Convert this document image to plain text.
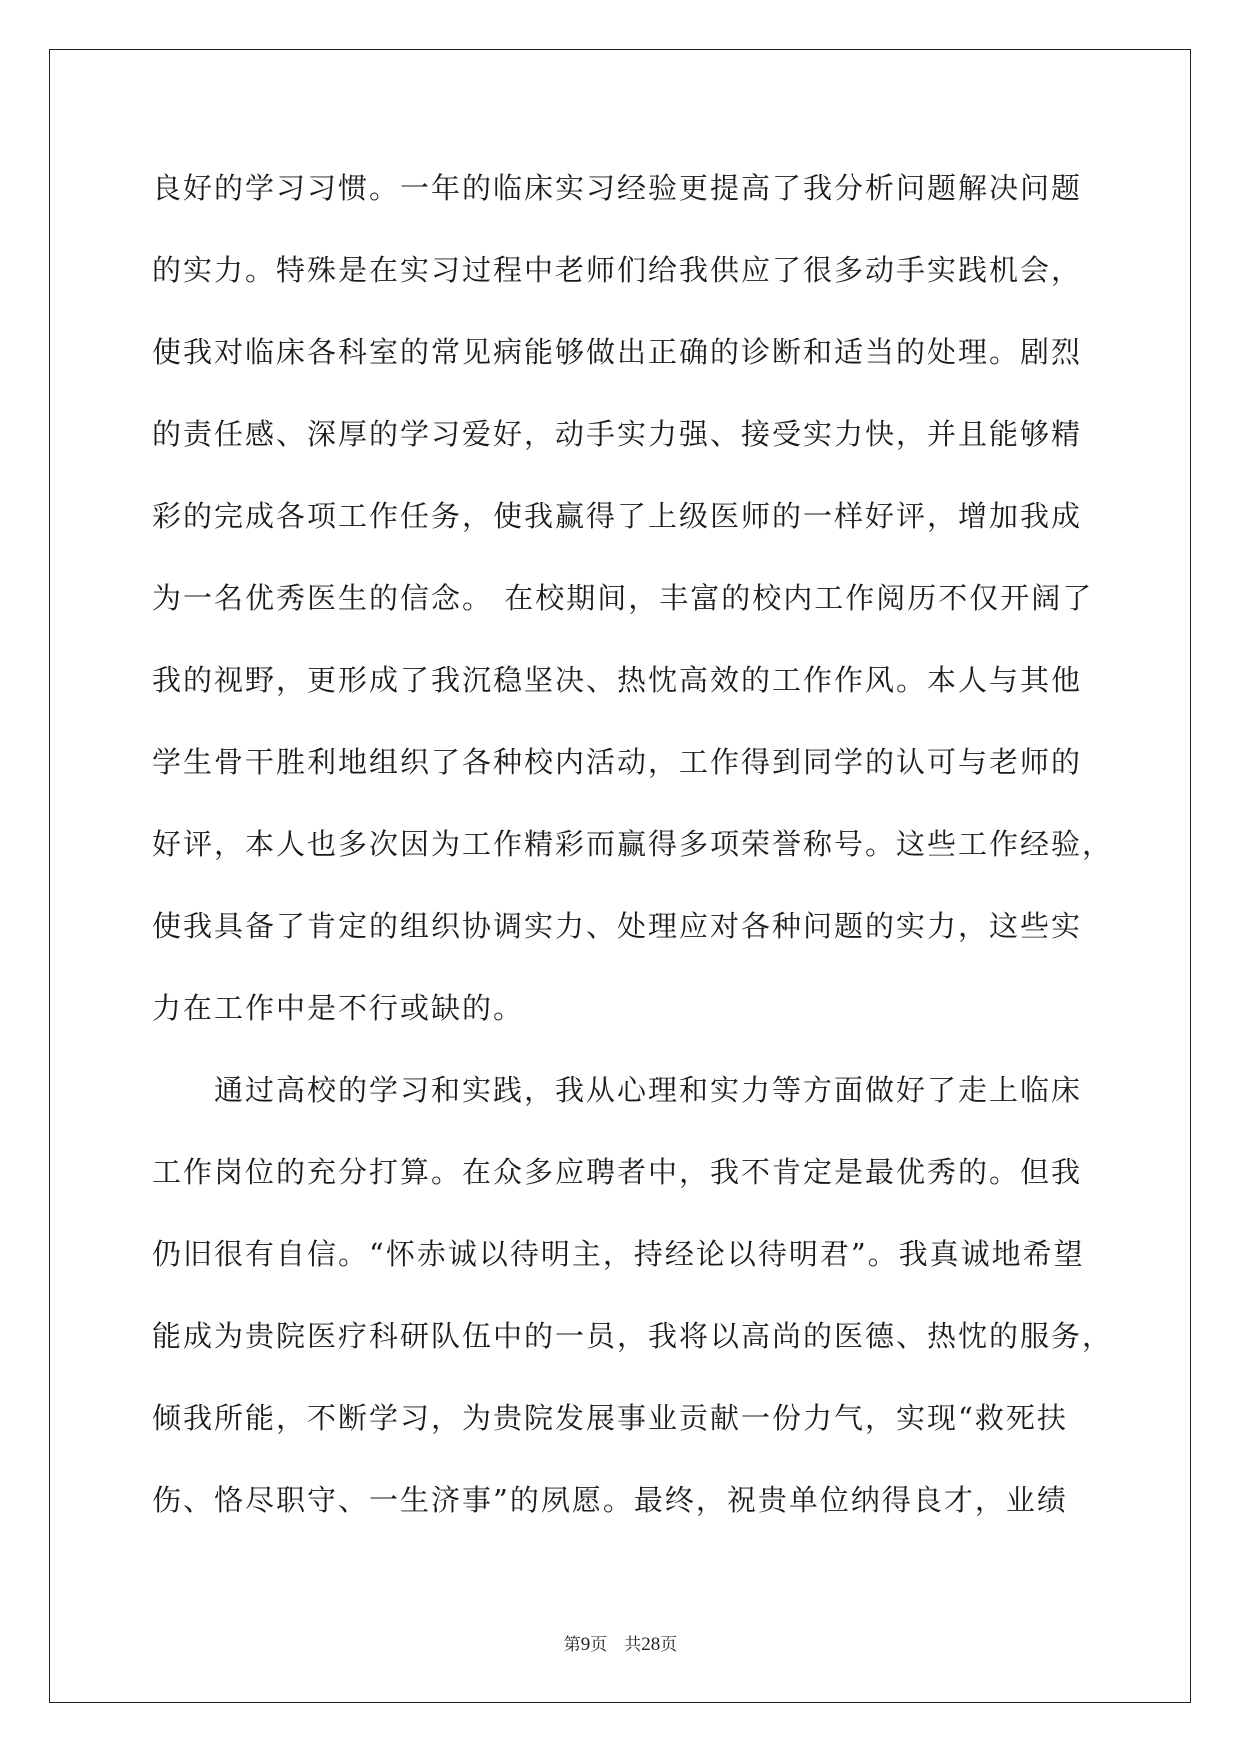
良好的学习习惯。一年的临床实习经验更提高了我分析问题解决问题
的实力。特殊是在实习过程中老师们给我供应了很多动手实践机会，
使我对临床各科室的常见病能够做出正确的诊断和适当的处理。剧烈
的责任感、深厚的学习爱好，动手实力强、接受实力快，并且能够精
彩的完成各项工作任务，使我赢得了上级医师的一样好评，增加我成
为一名优秀医生的信念。 在校期间，丰富的校内工作阅历不仅开阔了
我的视野，更形成了我沉稳坚决、热忱高效的工作作风。本人与其他
学生骨干胜利地组织了各种校内活动，工作得到同学的认可与老师的
好评，本人也多次因为工作精彩而赢得多项荣誉称号。这些工作经验，
使我具备了肯定的组织协调实力、处理应对各种问题的实力，这些实
力在工作中是不行或缺的。
　　通过高校的学习和实践，我从心理和实力等方面做好了走上临床
工作岗位的充分打算。在众多应聘者中，我不肯定是最优秀的。但我
仍旧很有自信。“怀赤诚以待明主，持经论以待明君”。我真诚地希望
能成为贵院医疗科研队伍中的一员，我将以高尚的医德、热忱的服务，
倾我所能，不断学习，为贵院发展事业贡献一份力气，实现“救死扶
伤、恪尽职守、一生济事”的夙愿。最终，祝贵单位纳得良才，业绩
第9页　共28页
